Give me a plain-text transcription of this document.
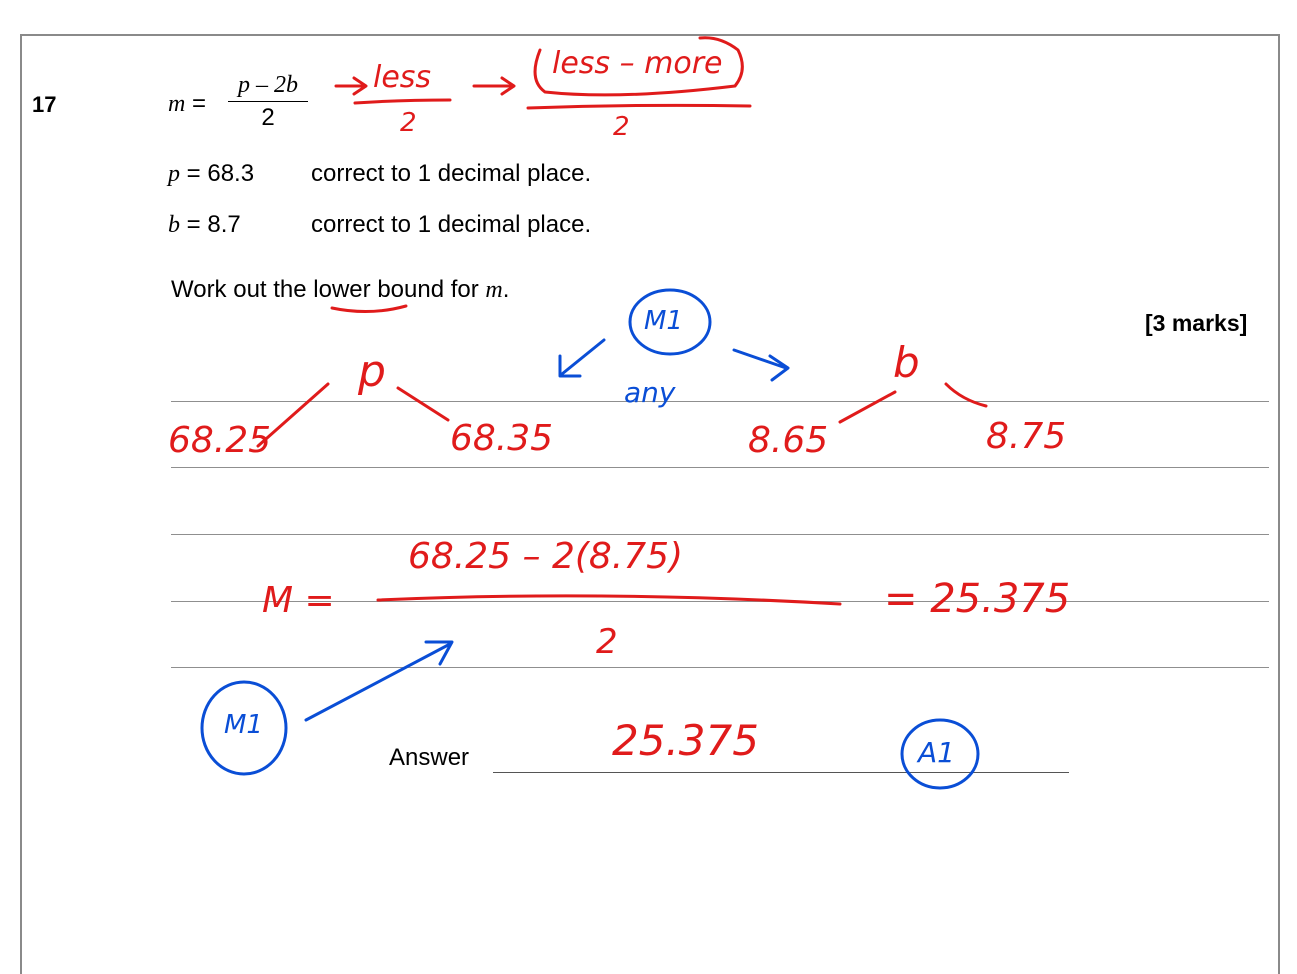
17	$m = \frac{p - 2b}{2}$
p = 68.3 correct to 1 decimal place.
b = 8.7	correct to 1 decimal place.
Work out the lower bound for m.
[3 marks]
Answer
less
2
less – more
2
p	b
68.25	68.35	8.65	8.75
M =
68.25 – 2(8.75)
2
= 25.375
25.375
M1
any
M1
A1
